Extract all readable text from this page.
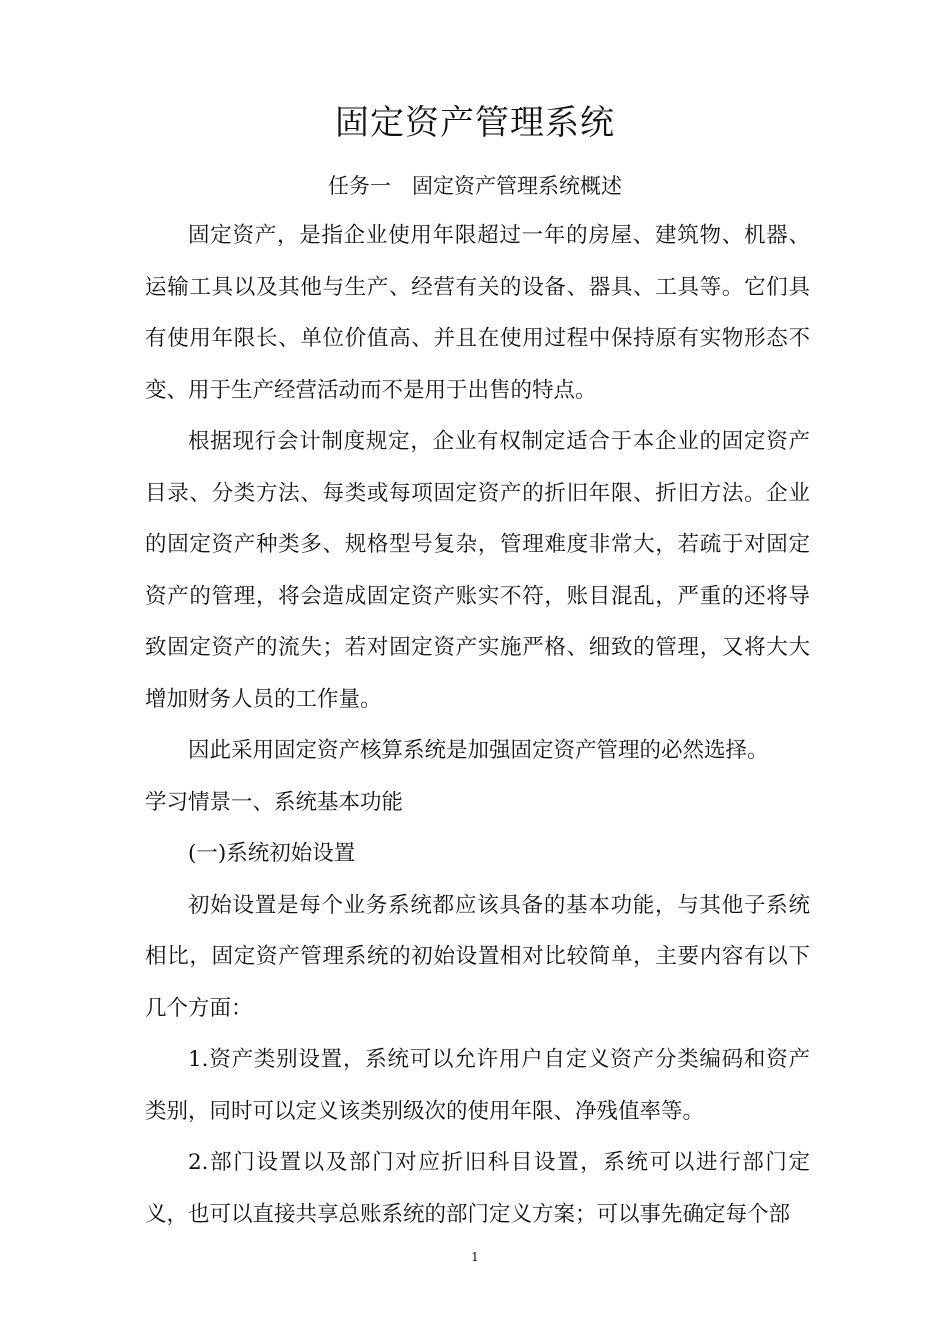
固定资产管理系统
任务一　固定资产管理系统概述

固定资产，是指企业使用年限超过一年的房屋、建筑物、机器、运输工具以及其他与生产、经营有关的设备、器具、工具等。它们具有使用年限长、单位价值高、并且在使用过程中保持原有实物形态不变、用于生产经营活动而不是用于出售的特点。

根据现行会计制度规定，企业有权制定适合于本企业的固定资产目录、分类方法、每类或每项固定资产的折旧年限、折旧方法。企业的固定资产种类多、规格型号复杂，管理难度非常大，若疏于对固定资产的管理，将会造成固定资产账实不符，账目混乱，严重的还将导致固定资产的流失；若对固定资产实施严格、细致的管理，又将大大增加财务人员的工作量。

因此采用固定资产核算系统是加强固定资产管理的必然选择。

学习情景一、系统基本功能

(一)系统初始设置

初始设置是每个业务系统都应该具备的基本功能，与其他子系统相比，固定资产管理系统的初始设置相对比较简单，主要内容有以下几个方面：

1.资产类别设置，系统可以允许用户自定义资产分类编码和资产类别，同时可以定义该类别级次的使用年限、净残值率等。

2.部门设置以及部门对应折旧科目设置，系统可以进行部门定义，也可以直接共享总账系统的部门定义方案；可以事先确定每个部

1
